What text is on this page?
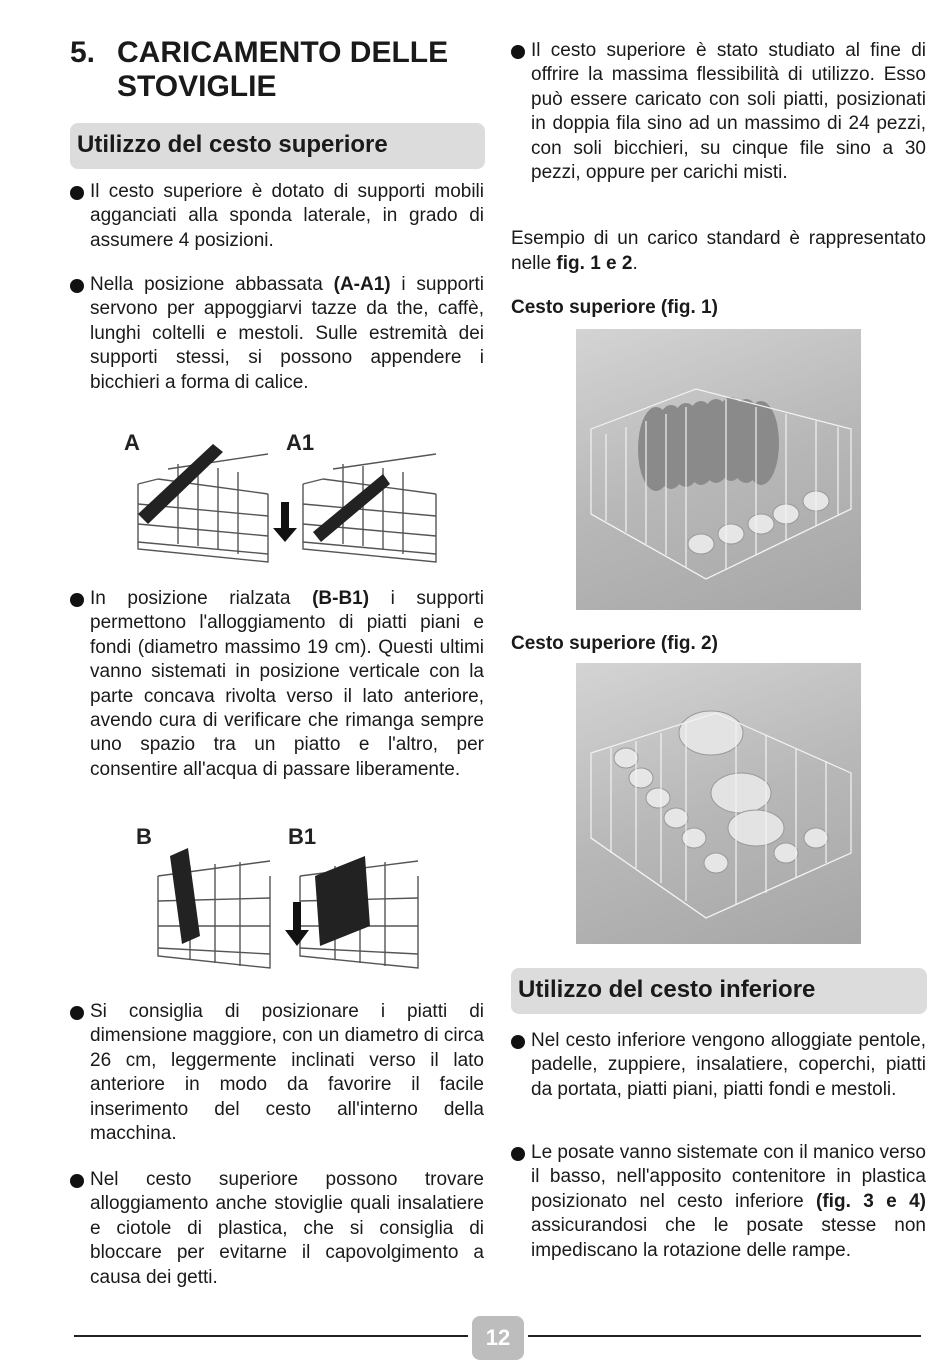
5. CARICAMENTO DELLE STOVIGLIE
Utilizzo del cesto superiore

Il cesto superiore è dotato di supporti mobili agganciati alla sponda laterale, in grado di assumere 4 posizioni.

Nella posizione abbassata (A-A1) i supporti servono per appoggiarvi tazze da the, caffè, lunghi coltelli e mestoli. Sulle estremità dei supporti stessi, si possono appendere i bicchieri a forma di calice.

A	A1

In posizione rialzata (B-B1) i supporti permettono l'alloggiamento di piatti piani e fondi (diametro massimo 19 cm). Questi ultimi vanno sistemati in posizione verticale con la parte concava rivolta verso il lato anteriore, avendo cura di verificare che rimanga sempre uno spazio tra un piatto e l'altro, per consentire all'acqua di passare liberamente.

B	B1

Si consiglia di posizionare i piatti di dimensione maggiore, con un diametro di circa 26 cm, leggermente inclinati verso il lato anteriore in modo da favorire il facile inserimento del cesto all'interno della macchina.

Nel cesto superiore possono trovare alloggiamento anche stoviglie quali insalatiere e ciotole di plastica, che si consiglia di bloccare per evitarne il capovolgimento a causa dei getti.

Il cesto superiore è stato studiato al fine di offrire la massima flessibilità di utilizzo. Esso può essere caricato con soli piatti, posizionati in doppia fila sino ad un massimo di 24 pezzi, con soli bicchieri, su cinque file sino a 30 pezzi, oppure per carichi misti.

Esempio di un carico standard è rappresentato nelle fig. 1 e 2.

Cesto superiore (fig. 1)
Cesto superiore (fig. 2)
Utilizzo del cesto inferiore

Nel cesto inferiore vengono alloggiate pentole, padelle, zuppiere, insalatiere, coperchi, piatti da portata, piatti piani, piatti fondi e mestoli.

Le posate vanno sistemate con il manico verso il basso, nell'apposito contenitore in plastica posizionato nel cesto inferiore (fig. 3 e 4) assicurandosi che le posate stesse non impediscano la rotazione delle rampe.

12
